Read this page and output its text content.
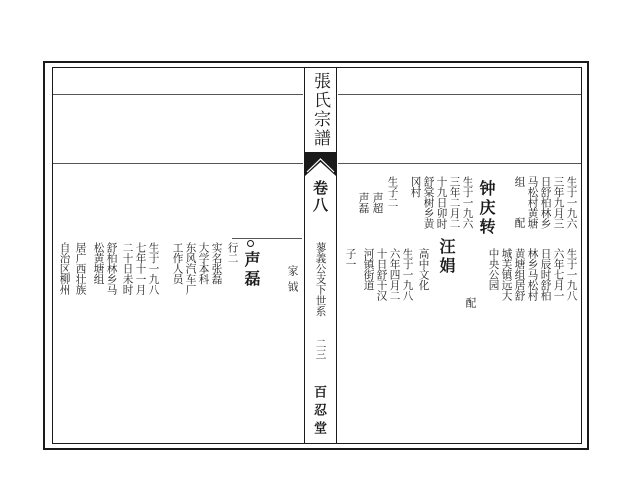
張氏宗譜
卷八
蓼義公支下世系
二三
百忍堂
生于一九六
三年九月三
日舒柏林乡
马松村黄塘
组
配
钟庆转
生于一九六
三年二月二
十九日卯时
舒棠树乡黄
冈村
生子二
声超
声磊
生于一九八
六年七月一
日辰时舒柏
林乡马松村
黄塘组居舒
城芙镇远大
中央公园
配
汪娟
生于一九八
六年四月二
十日舒干汉
河镇街道
子一	高中文化
家
钺
声磊
行二
实名张磊
大学本科
工作人员 东风汽车厂
生于一九八
二十日未时 七年十一月
舒柏林乡马
松黄塘组
居广西壮族
自治区柳州
